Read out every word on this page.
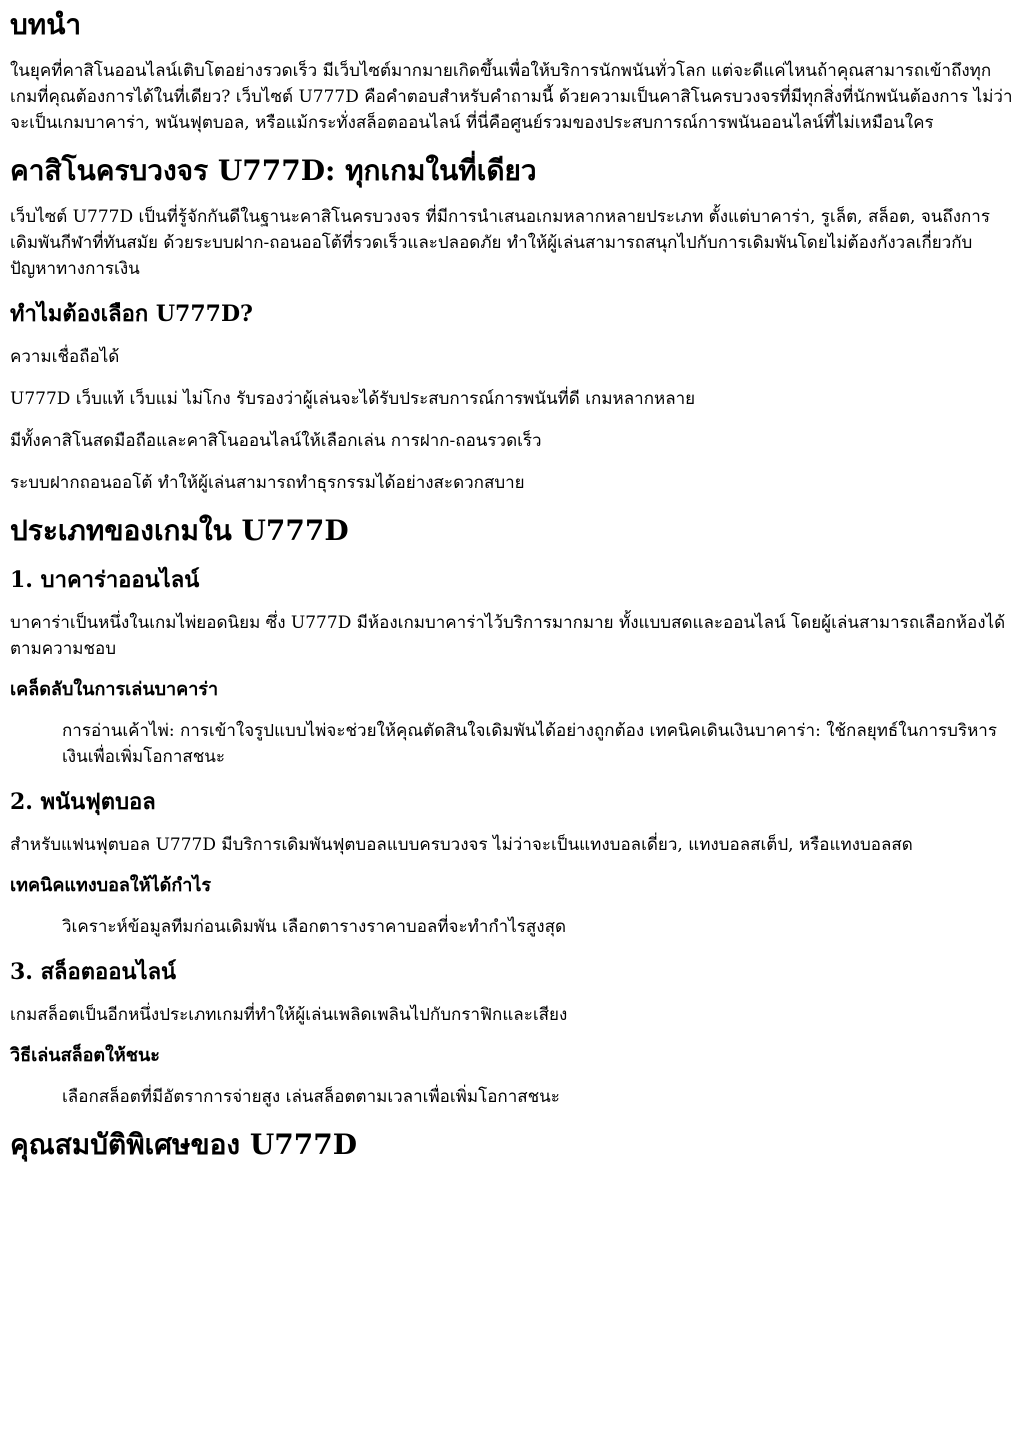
บทนำ

ในยุคที่คาสิโนออนไลน์เติบโตอย่างรวดเร็ว มีเว็บไซต์มากมายเกิดขึ้นเพื่อให้บริการนักพนันทั่วโลก แต่จะดีแค่ไหนถ้าคุณสามารถเข้าถึงทุกเกมที่คุณต้องการได้ในที่เดียว? เว็บไซต์ U777D คือคำตอบสำหรับคำถามนี้ ด้วยความเป็นคาสิโนครบวงจรที่มีทุกสิ่งที่นักพนันต้องการ ไม่ว่าจะเป็นเกมบาคาร่า, พนันฟุตบอล, หรือแม้กระทั่งสล็อตออนไลน์ ที่นี่คือศูนย์รวมของประสบการณ์การพนันออนไลน์ที่ไม่เหมือนใคร

คาสิโนครบวงจร U777D: ทุกเกมในที่เดียว

เว็บไซต์ U777D เป็นที่รู้จักกันดีในฐานะคาสิโนครบวงจร ที่มีการนำเสนอเกมหลากหลายประเภท ตั้งแต่บาคาร่า, รูเล็ต, สล็อต, จนถึงการเดิมพันกีฬาที่ทันสมัย ด้วยระบบฝาก-ถอนออโต้ที่รวดเร็วและปลอดภัย ทำให้ผู้เล่นสามารถสนุกไปกับการเดิมพันโดยไม่ต้องกังวลเกี่ยวกับปัญหาทางการเงิน

ทำไมต้องเลือก U777D?

ความเชื่อถือได้

U777D เว็บแท้ เว็บแม่ ไม่โกง รับรองว่าผู้เล่นจะได้รับประสบการณ์การพนันที่ดี เกมหลากหลาย

มีทั้งคาสิโนสดมือถือและคาสิโนออนไลน์ให้เลือกเล่น การฝาก-ถอนรวดเร็ว

ระบบฝากถอนออโต้ ทำให้ผู้เล่นสามารถทำธุรกรรมได้อย่างสะดวกสบาย

ประเภทของเกมใน U777D
1. บาคาร่าออนไลน์

บาคาร่าเป็นหนึ่งในเกมไพ่ยอดนิยม ซึ่ง U777D มีห้องเกมบาคาร่าไว้บริการมากมาย ทั้งแบบสดและออนไลน์ โดยผู้เล่นสามารถเลือกห้องได้ตามความชอบ

เคล็ดลับในการเล่นบาคาร่า
การอ่านเค้าไพ่: การเข้าใจรูปแบบไพ่จะช่วยให้คุณตัดสินใจเดิมพันได้อย่างถูกต้อง เทคนิคเดินเงินบาคาร่า: ใช้กลยุทธ์ในการบริหารเงินเพื่อเพิ่มโอกาสชนะ
2. พนันฟุตบอล

สำหรับแฟนฟุตบอล U777D มีบริการเดิมพันฟุตบอลแบบครบวงจร ไม่ว่าจะเป็นแทงบอลเดี่ยว, แทงบอลสเต็ป, หรือแทงบอลสด

เทคนิคแทงบอลให้ได้กำไร
วิเคราะห์ข้อมูลทีมก่อนเดิมพัน เลือกตารางราคาบอลที่จะทำกำไรสูงสุด
3. สล็อตออนไลน์

เกมสล็อตเป็นอีกหนึ่งประเภทเกมที่ทำให้ผู้เล่นเพลิดเพลินไปกับกราฟิกและเสียง

วิธีเล่นสล็อตให้ชนะ
เลือกสล็อตที่มีอัตราการจ่ายสูง เล่นสล็อตตามเวลาเพื่อเพิ่มโอกาสชนะ
คุณสมบัติพิเศษของ U777D
